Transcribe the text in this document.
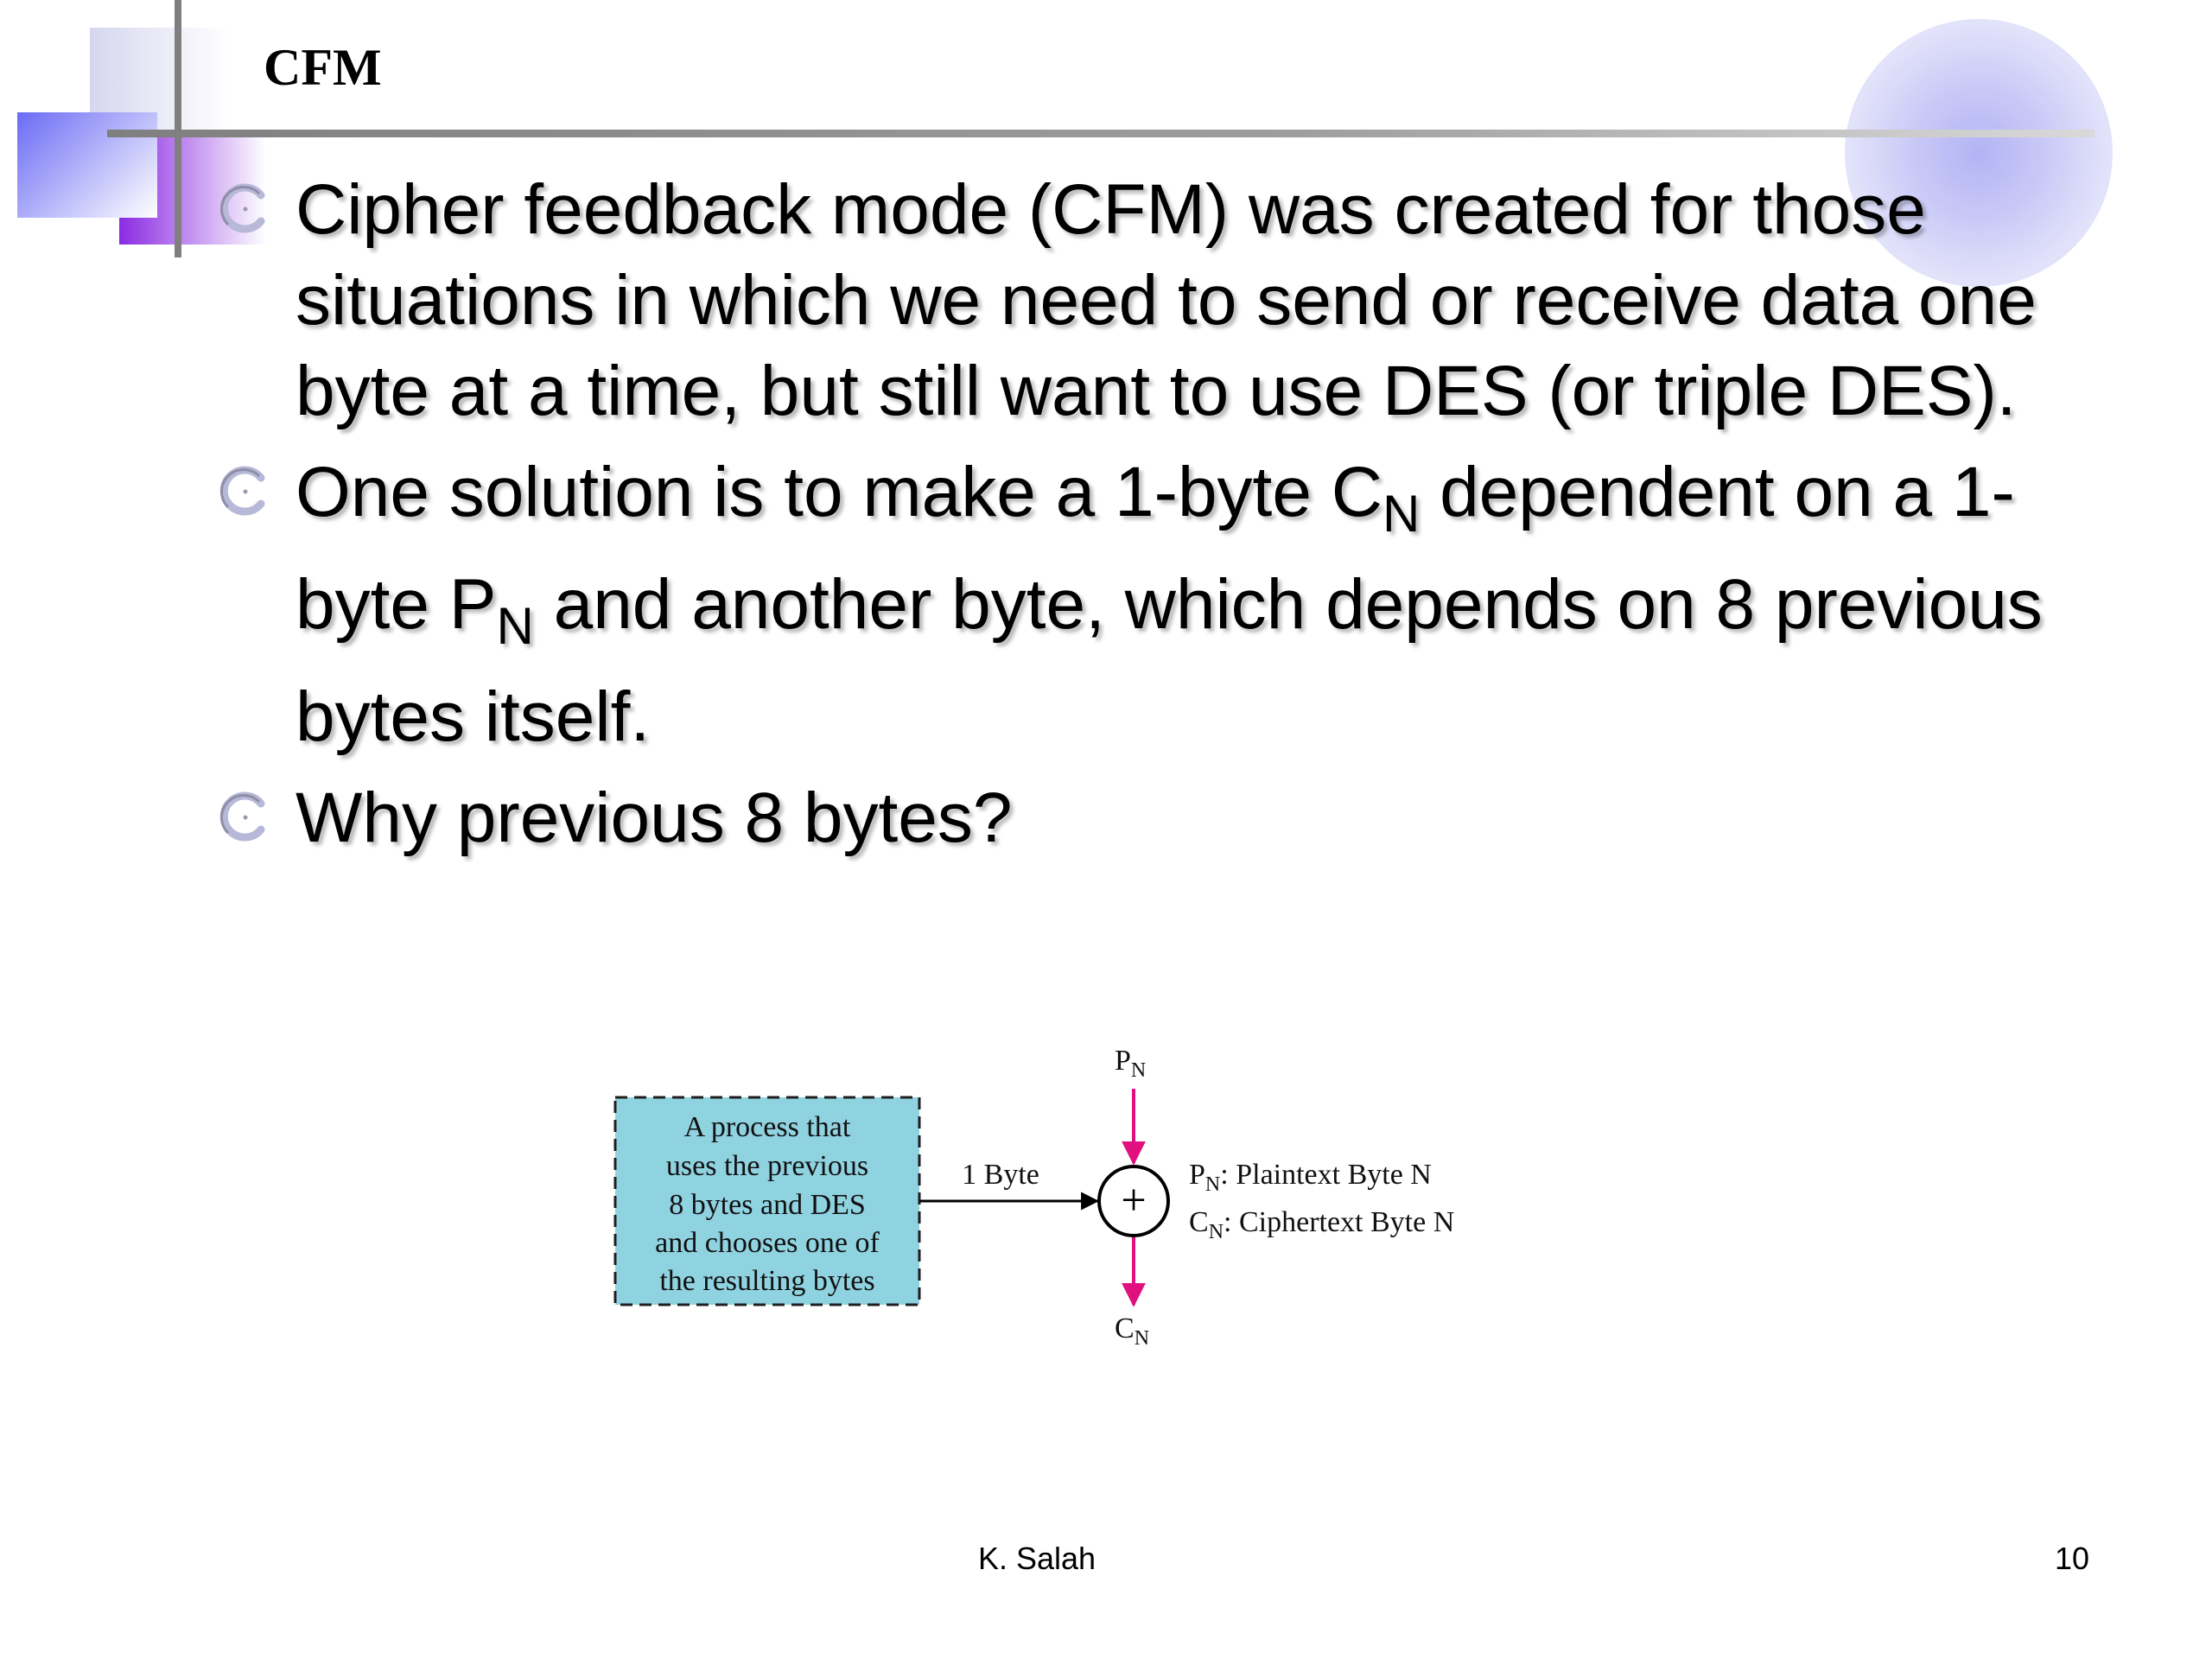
CFM
Cipher feedback mode (CFM) was created for those situations in which we need to send or receive data one byte at a time, but still want to use DES (or triple DES).
One solution is to make a 1-byte $C_N$ dependent on a 1-byte $P_N$ and another byte, which depends on 8 previous bytes itself.
Why previous 8 bytes?
A process that
uses the previous
8 bytes and DES
and chooses one of
the resulting bytes
1 Byte
+
$P_N$
$C_N$
$P_N$: Plaintext Byte N
$C_N$: Ciphertext Byte N
K. Salah	10
